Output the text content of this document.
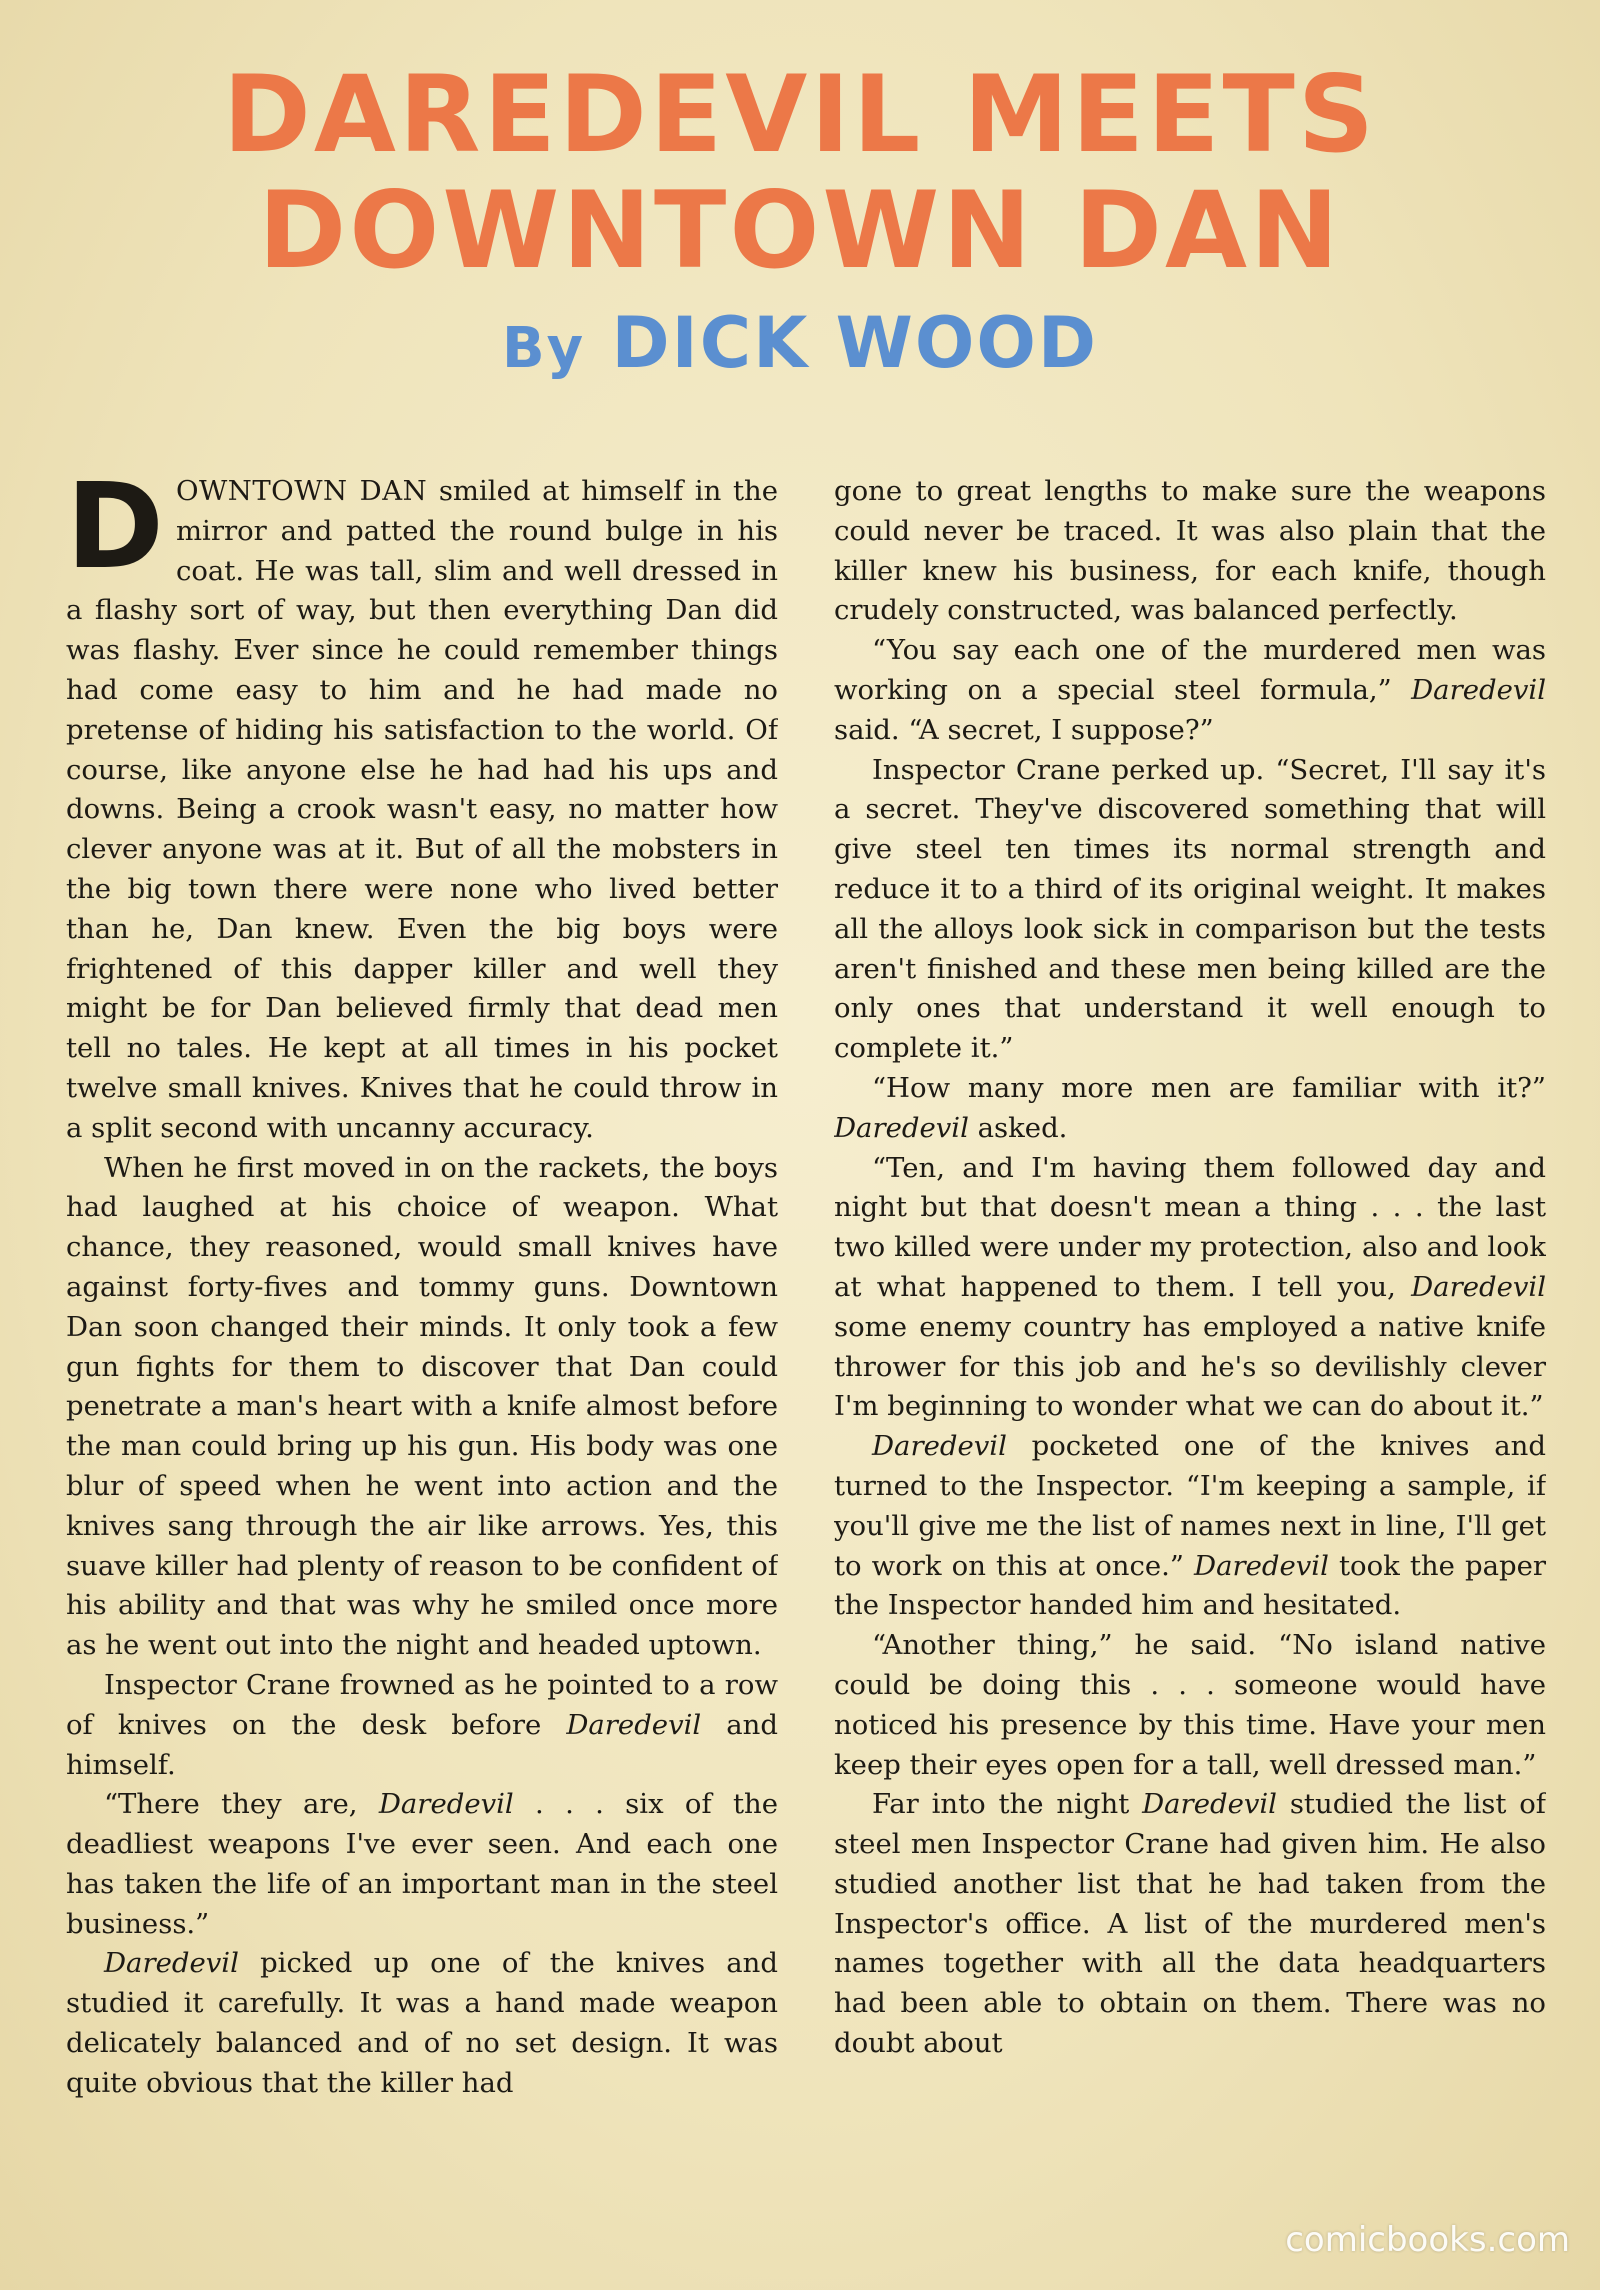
DAREDEVIL MEETS
DOWNTOWN DAN
By DICK WOOD

DOWNTOWN DAN smiled at himself in the mirror and patted the round bulge in his coat. He was tall, slim and well dressed in a flashy sort of way, but then everything Dan did was flashy. Ever since he could remember things had come easy to him and he had made no pretense of hiding his satisfaction to the world. Of course, like anyone else he had had his ups and downs. Being a crook wasn't easy, no matter how clever anyone was at it. But of all the mobsters in the big town there were none who lived better than he, Dan knew. Even the big boys were frightened of this dapper killer and well they might be for Dan believed firmly that dead men tell no tales. He kept at all times in his pocket twelve small knives. Knives that he could throw in a split second with uncanny accuracy.

When he first moved in on the rackets, the boys had laughed at his choice of weapon. What chance, they reasoned, would small knives have against forty-fives and tommy guns. Downtown Dan soon changed their minds. It only took a few gun fights for them to discover that Dan could penetrate a man's heart with a knife almost before the man could bring up his gun. His body was one blur of speed when he went into action and the knives sang through the air like arrows. Yes, this suave killer had plenty of reason to be confident of his ability and that was why he smiled once more as he went out into the night and headed uptown.

Inspector Crane frowned as he pointed to a row of knives on the desk before Daredevil and himself.

“There they are, Daredevil . . . six of the deadliest weapons I've ever seen. And each one has taken the life of an important man in the steel business.”

Daredevil picked up one of the knives and studied it carefully. It was a hand made weapon delicately balanced and of no set design. It was quite obvious that the killer had

gone to great lengths to make sure the weapons could never be traced. It was also plain that the killer knew his business, for each knife, though crudely constructed, was balanced perfectly.

“You say each one of the murdered men was working on a special steel formula,” Daredevil said. “A secret, I suppose?”

Inspector Crane perked up. “Secret, I'll say it's a secret. They've discovered something that will give steel ten times its normal strength and reduce it to a third of its original weight. It makes all the alloys look sick in comparison but the tests aren't finished and these men being killed are the only ones that understand it well enough to complete it.”

“How many more men are familiar with it?” Daredevil asked.

“Ten, and I'm having them followed day and night but that doesn't mean a thing . . . the last two killed were under my protection, also and look at what happened to them. I tell you, Daredevil some enemy country has employed a native knife thrower for this job and he's so devilishly clever I'm beginning to wonder what we can do about it.”

Daredevil pocketed one of the knives and turned to the Inspector. “I'm keeping a sample, if you'll give me the list of names next in line, I'll get to work on this at once.” Daredevil took the paper the Inspector handed him and hesitated.

“Another thing,” he said. “No island native could be doing this . . . someone would have noticed his presence by this time. Have your men keep their eyes open for a tall, well dressed man.”

Far into the night Daredevil studied the list of steel men Inspector Crane had given him. He also studied another list that he had taken from the Inspector's office. A list of the murdered men's names together with all the data headquarters had been able to obtain on them. There was no doubt about

comicbooks.com
